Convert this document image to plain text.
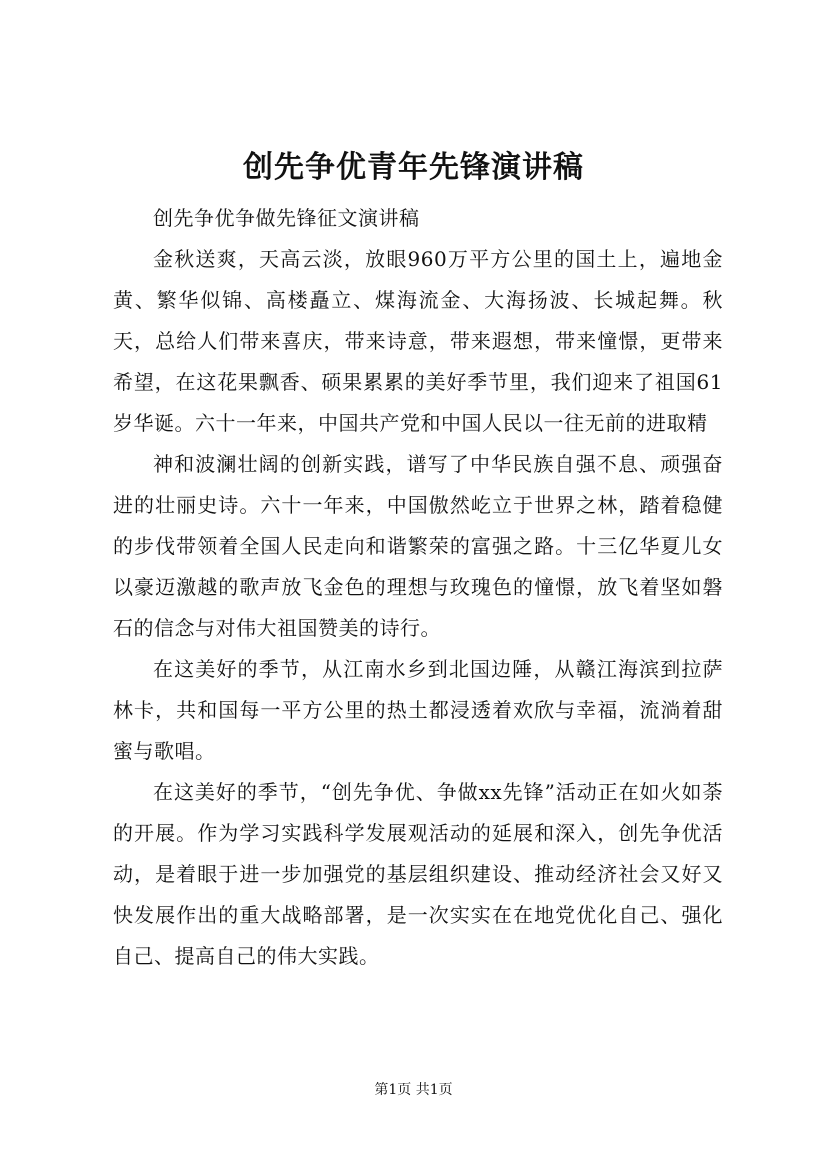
创先争优青年先锋演讲稿

创先争优争做先锋征文演讲稿

金秋送爽，天高云淡，放眼960万平方公里的国土上，遍地金黄、繁华似锦、高楼矗立、煤海流金、大海扬波、长城起舞。秋天，总给人们带来喜庆，带来诗意，带来遐想，带来憧憬，更带来希望，在这花果飘香、硕果累累的美好季节里，我们迎来了祖国61岁华诞。六十一年来，中国共产党和中国人民以一往无前的进取精

神和波澜壮阔的创新实践，谱写了中华民族自强不息、顽强奋进的壮丽史诗。六十一年来，中国傲然屹立于世界之林，踏着稳健的步伐带领着全国人民走向和谐繁荣的富强之路。十三亿华夏儿女以豪迈激越的歌声放飞金色的理想与玫瑰色的憧憬，放飞着坚如磐石的信念与对伟大祖国赞美的诗行。

在这美好的季节，从江南水乡到北国边陲，从赣江海滨到拉萨林卡，共和国每一平方公里的热土都浸透着欢欣与幸福，流淌着甜蜜与歌唱。

在这美好的季节，“创先争优、争做xx先锋”活动正在如火如荼的开展。作为学习实践科学发展观活动的延展和深入，创先争优活动，是着眼于进一步加强党的基层组织建设、推动经济社会又好又快发展作出的重大战略部署，是一次实实在在地党优化自己、强化自己、提高自己的伟大实践。

第1页 共1页
